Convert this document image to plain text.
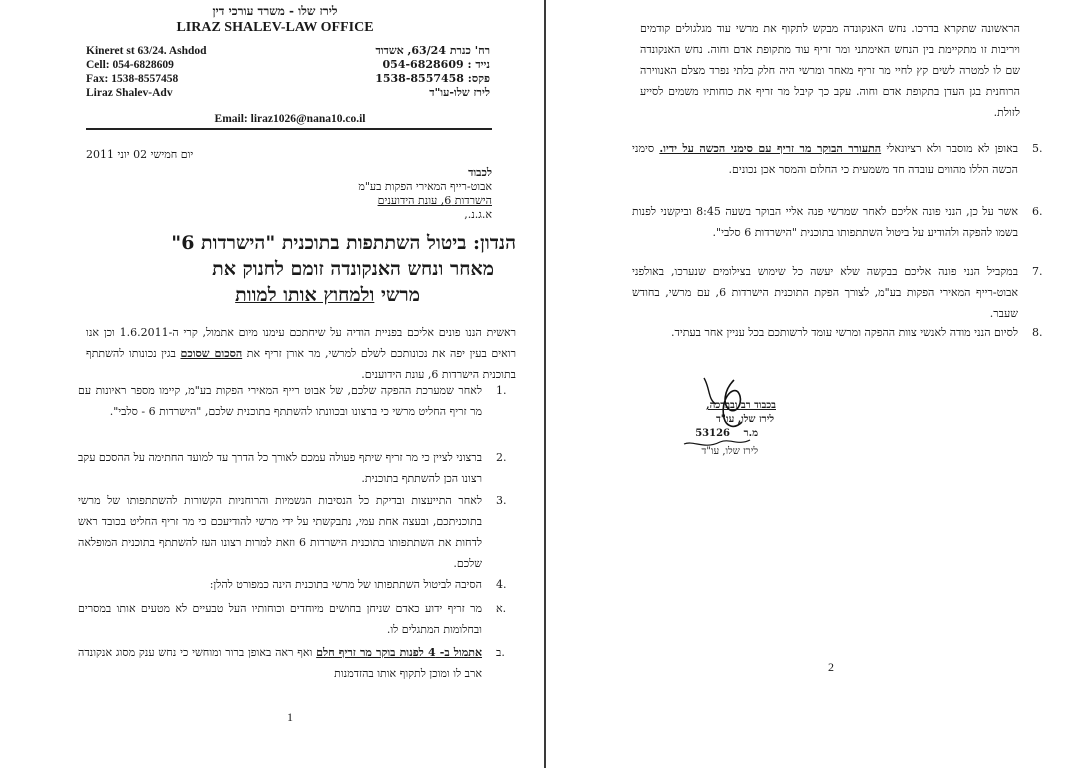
לירז שלו - משרד עורכי דין
LIRAZ SHALEV-LAW OFFICE
Kineret st 63/24. Ashdod
Cell: 054-6828609
Fax: 1538-8557458
Liraz Shalev-Adv
רח' כנרת 63/24, אשדוד
נייד : 054-6828609
פקס: 1538-8557458
לירז שלו-עו"ד
Email: liraz1026@nana10.co.il
יום חמישי 02 יוני 2011
לכבוד
אבוט-רייף המאירי הפקות בע"מ
הישרדות 6, עונת הידוענים
א.ג.נ.,
הנדון: ביטול השתתפות בתוכנית "הישרדות 6"
מאחר ונחש האנקונדה זומם לחנוק את
מרשי ולמחוץ אותו למוות
ראשית הננו פונים אליכם בפניית הודיה על שיחתכם עימנו מיום אתמול, קרי ה-1.6.2011 וכן אנו רואים בעין יפה את נכונותכם לשלם למרשי, מר אורן זריף את הסכום שסוכם בגין נכונותו להשתתף בתוכנית הישרדות 6, עונת הידוענים.
1.
לאחר שמערכת ההפקה שלכם, של אבוט רייף המאירי הפקות בע"מ, קיימו מספר ראיונות עם מר זריף החליט מרשי כי ברצונו ובכוונתו להשתתף בתוכנית שלכם, "הישרדות 6 - סלבי".
2.
ברצוני לציין כי מר זריף שיתף פעולה עמכם לאורך כל הדרך עד למועד החתימה על ההסכם עקב רצונו הכן להשתתף בתוכנית.
3.
לאחר התייעצות ובדיקת כל הנסיבות הגשמיות והרוחניות הקשורות להשתתפותו של מרשי בתוכניתכם, ובעצה אחת עמי, נתבקשתי על ידי מרשי להודיעכם כי מר זריף החליט בכובד ראש לדחות את השתתפותו בתוכנית הישרדות 6 וזאת למרות רצונו העז להשתתף בתוכנית המופלאה שלכם.
4.
הסיבה לביטול השתתפותו של מרשי בתוכנית הינה כמפורט להלן:
א.
מר זריף ידוע כאדם שניחן בחושים מיוחדים וכוחותיו העל טבעיים לא מטעים אותו במסרים ובחלומות המתגלים לו.
ב.
אתמול ב- 4 לפנות בוקר מר זריף חלם ואף ראה באופן ברור ומוחשי כי נחש ענק מסוג אנקונדה ארב לו ומוכן לתקוף אותו בהזדמנות
1
הראשונה שתקרא בדרכו. נחש האנקונדה מבקש לתקוף את מרשי עוד מגלגולים קודמים ויריבות זו מתקיימת בין הנחש האימתני ומר זריף עוד מתקופת אדם וחוה. נחש האנקונדה שם לו למטרה לשים קץ לחיי מר זריף מאחר ומרשי היה חלק בלתי נפרד מצלם האנווירה הרוחנית בגן העדן בתקופת אדם וחוה. עקב כך קיבל מר זריף את כוחותיו משמים לסייע לזולת.
5.
באופן לא מוסבר ולא רציונאלי התעורר הבוקר מר זריף עם סימני הכשה על ידיו. סימני הכשה הללו מהווים עובדה חד משמעית כי החלום והמסר אכן נכונים.
6.
אשר על כן, הנני פונה אליכם לאחר שמרשי פנה אליי הבוקר בשעה 8:45 וביקשני לפנות בשמו להפקה ולהודיע על ביטול השתתפותו בתוכנית "הישרדות 6 סלבי".
7.
במקביל הנני פונה אליכם בבקשה שלא יעשה כל שימוש בצילומים שנערכו, באולפני אבוט-רייף המאירי הפקות בע"מ, לצורך הפקת התוכנית הישרדות 6, עם מרשי, בחודש שעבר.
8.
לסיום הנני מודה לאנשי צוות ההפקה ומרשי עומד לרשותכם בכל עניין אחר בעתיד.
בכבוד רב ובברכה,
לירז שלו, עו"ד
מ.ר
53126
לירז שלו, עו"ד
2
